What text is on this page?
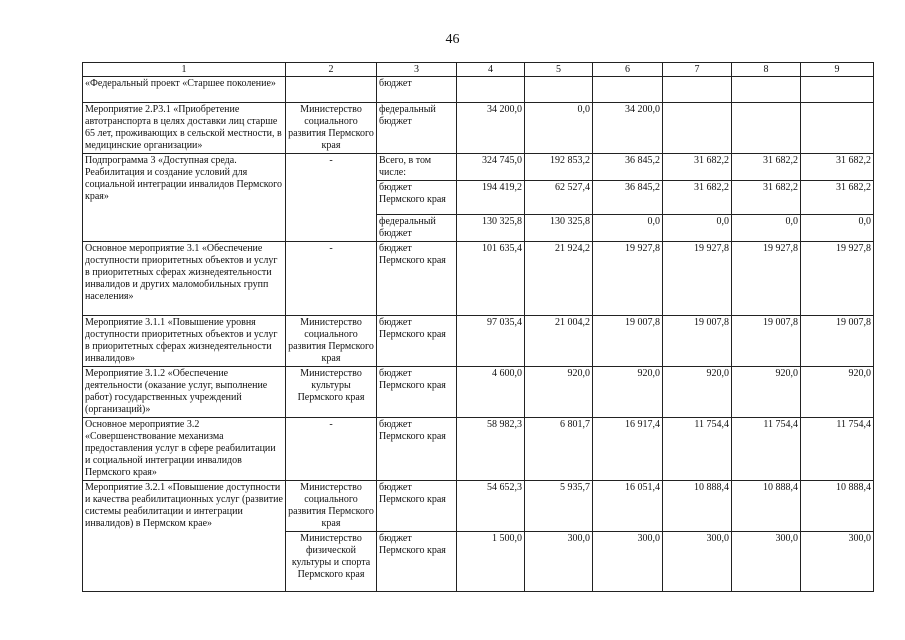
46
1	2	3	4	5	6	7	8	9
«Федеральный проект «Старшее поколение»		бюджет						
Мероприятие 2.Р3.1 «Приобретение автотранспорта в целях доставки лиц старше 65 лет, проживающих в сельской местности, в медицинские организации»	Министерство социального развития Пермского края	федеральный бюджет	34 200,0	0,0	34 200,0			
Подпрограмма 3 «Доступная среда. Реабилитация и создание условий для социальной интеграции инвалидов Пермского края»	-	Всего, в том числе:	324 745,0	192 853,2	36 845,2	31 682,2	31 682,2	31 682,2
		бюджет Пермского края	194 419,2	62 527,4	36 845,2	31 682,2	31 682,2	31 682,2
		федеральный бюджет	130 325,8	130 325,8	0,0	0,0	0,0	0,0
Основное мероприятие 3.1 «Обеспечение доступности приоритетных объектов и услуг в приоритетных сферах жизнедеятельности инвалидов и других маломобильных групп населения»	-	бюджет Пермского края	101 635,4	21 924,2	19 927,8	19 927,8	19 927,8	19 927,8
Мероприятие 3.1.1 «Повышение уровня доступности приоритетных объектов и услуг в приоритетных сферах жизнедеятельности инвалидов»	Министерство социального развития Пермского края	бюджет Пермского края	97 035,4	21 004,2	19 007,8	19 007,8	19 007,8	19 007,8
Мероприятие 3.1.2 «Обеспечение деятельности (оказание услуг, выполнение работ) государственных учреждений (организаций)»	Министерство культуры Пермского края	бюджет Пермского края	4 600,0	920,0	920,0	920,0	920,0	920,0
Основное мероприятие 3.2 «Совершенствование механизма предоставления услуг в сфере реабилитации и социальной интеграции инвалидов Пермского края»	-	бюджет Пермского края	58 982,3	6 801,7	16 917,4	11 754,4	11 754,4	11 754,4
Мероприятие 3.2.1 «Повышение доступности и качества реабилитационных услуг (развитие системы реабилитации и интеграции инвалидов) в Пермском крае»	Министерство социального развития Пермского края	бюджет Пермского края	54 652,3	5 935,7	16 051,4	10 888,4	10 888,4	10 888,4
	Министерство физической культуры и спорта Пермского края	бюджет Пермского края	1 500,0	300,0	300,0	300,0	300,0	300,0
